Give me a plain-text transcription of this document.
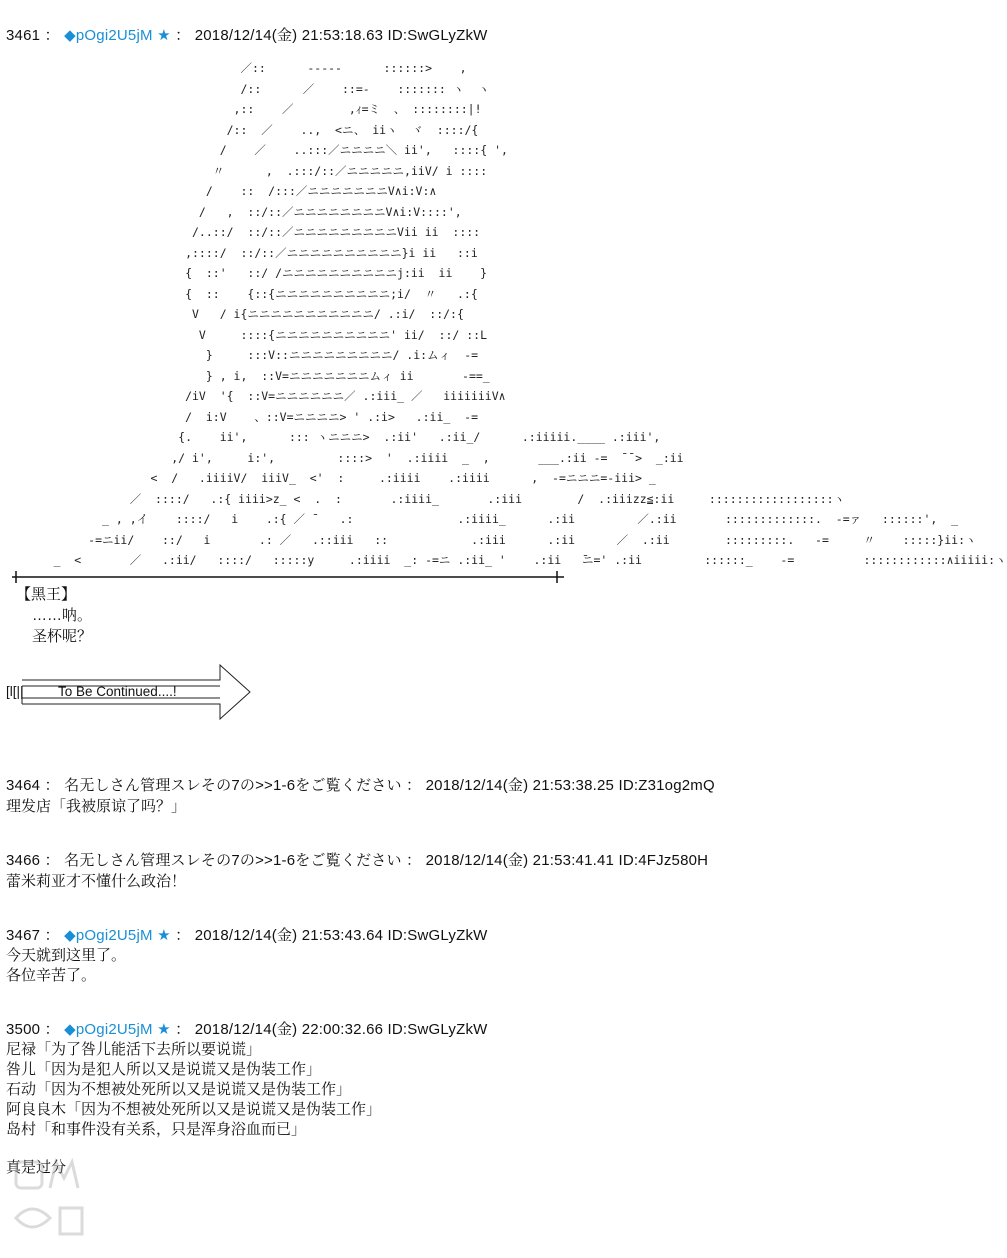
3461 ： ◆pOgi2U5jM ★ ： 2018/12/14(金) 21:53:18.63 ID:SwGLyZkW
／::      ----‐      ::::::>    ,
/::      ／    ::=-    ::::::: ヽ  ヽ
,::    ／        ,ｨ=ミ  、 ::::::::|!
/::  ／    ..,  <ニ、 iiヽ  ヾ  ::::/{
/    ／    ..:::／ニニニニ＼ ii',   ::::{ ',
〃      ,  .:::/::／ニニニニニ,iiV/ i ::::
/    ::  /:::／ニニニニニニニV∧i:V:∧
/   ,  ::/::／ニニニニニニニニV∧i:V::::',
/..::/  ::/::／ニニニニニニニニニVii ii  ::::
,::::/  ::/::／ニニニニニニニニニニ}i ii   ::i
{  ::'   ::/ /ニニニニニニニニニニj:ii  ii    }
{  ::    {::{ニニニニニニニニニニ;i/  〃   .:{
V   / i{ニニニニニニニニニニニ/ .:i/  ::/:{
V     ::::{ニニニニニニニニニニ' ii/  ::/ ::L
}     :::V::ニニニニニニニニニ/ .i:ムィ  -=
} , i,  ::V=ニニニニニニニムィ ii       -==_
/iV  '{  ::V=ニニニニニニ／ .:iii_ ／   iiiiiiiV∧
/  i:V    、::V=ニニニニ> ' .:i>   .:ii_  -=
{.    ii',      ::: ヽニニニ>  .:ii'   .:ii_/      .:iiiii.____ .:iii',
,/ i',     i:',         ::::>  '  .:iiii  _  ,       ___.:ii -=  ̄ ̄ >  _:ii
<  /   .iiiiV/  iiiV_  <'  :     .:iiii    .:iiii      ,  -=ニニニ=-iii> _
／  ::::/   .:{ iiii>z_ <  .  :       .:iiii_       .:iii        /  .:iiizz≦:ii     ::::::::::::::::::ヽ
_ , ,イ    ::::/   i    .:{ ／ ̄    .:               .:iiii_      .:ii         ／.:ii       :::::::::::::.  -=ァ   ::::::',  _
-=ニii/    ::/   i       .: ／   .::iii   ::            .:iii      .:ii      ／  .:ii        :::::::::.   -=     〃    :::::}ii:ヽ
_  <       ／   .:ii/   ::::/   :::::y     .:iiii  _: -=ニ .:ii_ '    .:ii   ̄ニ=' .:ii         ::::::_    -=          ::::::::::::∧iiiii:ヽ
【黑王】
……呐。
圣杯呢？
[l[||	To Be Continued....!
3464 ： 名无しさん管理スレその7の>>1-6をご覧ください ： 2018/12/14(金) 21:53:38.25 ID:Z31og2mQ
理发店「我被原谅了吗？」
3466 ： 名无しさん管理スレその7の>>1-6をご覧ください ： 2018/12/14(金) 21:53:41.41 ID:4FJz580H
蕾米莉亚才不懂什么政治！
3467 ： ◆pOgi2U5jM ★ ： 2018/12/14(金) 21:53:43.64 ID:SwGLyZkW
今天就到这里了。
各位辛苦了。
3500 ： ◆pOgi2U5jM ★ ： 2018/12/14(金) 22:00:32.66 ID:SwGLyZkW
尼禄「为了咎儿能活下去所以要说谎」
咎儿「因为是犯人所以又是说谎又是伪装工作」
石动「因为不想被处死所以又是说谎又是伪装工作」
阿良良木「因为不想被处死所以又是说谎又是伪装工作」
岛村「和事件没有关系，只是浑身浴血而已」
真是过分
